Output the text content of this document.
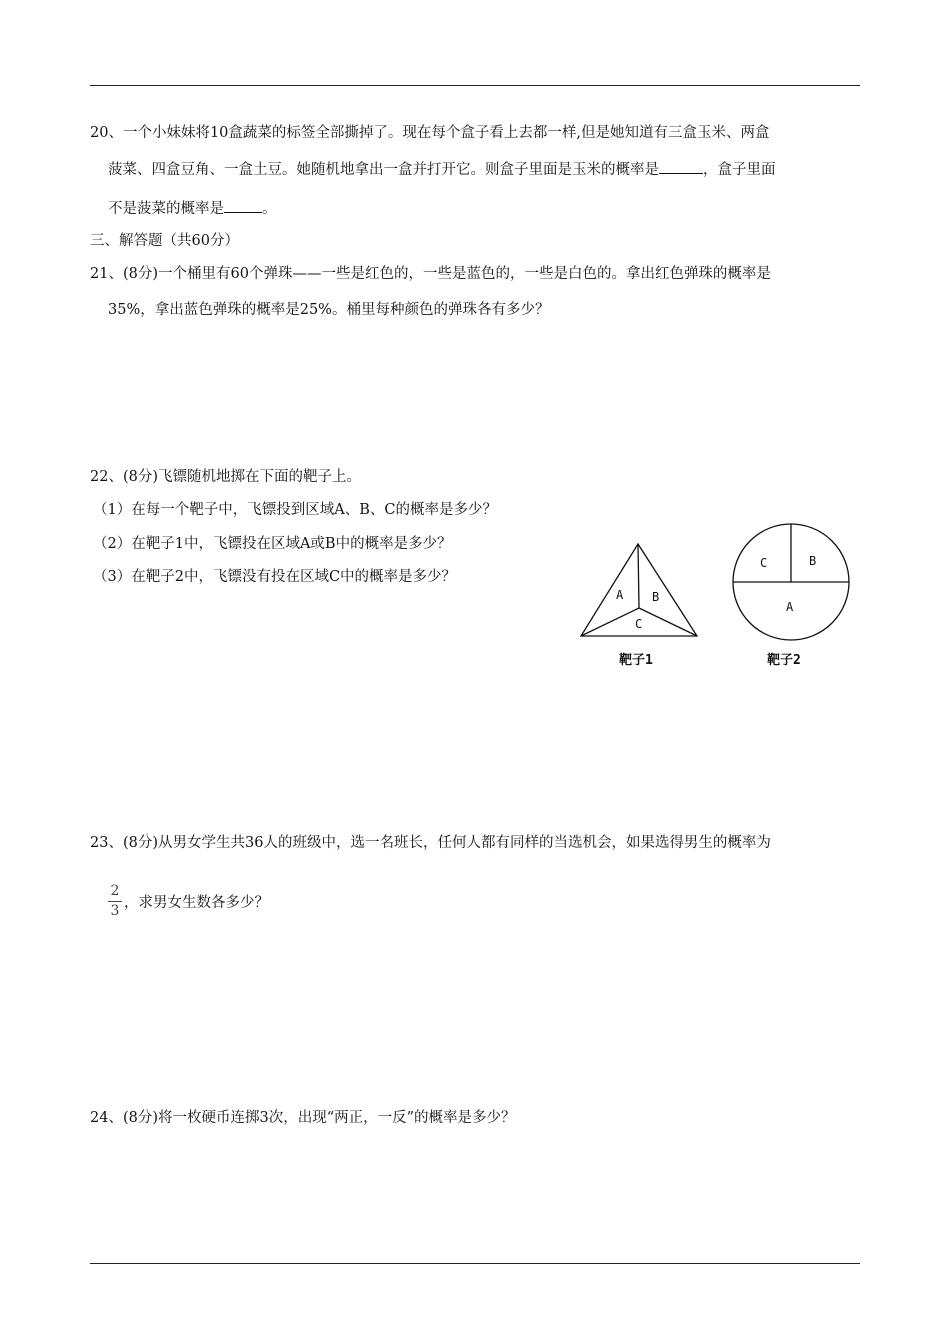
20、一个小妹妹将10盒蔬菜的标签全部撕掉了。现在每个盒子看上去都一样,但是她知道有三盒玉米、两盒
菠菜、四盒豆角、一盒土豆。她随机地拿出一盒并打开它。则盒子里面是玉米的概率是	，盒子里面
不是菠菜的概率是	。
三、解答题（共60分）
21、(8分)一个桶里有60个弹珠——一些是红色的，一些是蓝色的，一些是白色的。拿出红色弹珠的概率是
35%，拿出蓝色弹珠的概率是25%。桶里每种颜色的弹珠各有多少？
22、(8分)飞镖随机地掷在下面的靶子上。
（1）在每一个靶子中，飞镖投到区域A、B、C的概率是多少？
（2）在靶子1中，飞镖投在区域A或B中的概率是多少？
（3）在靶子2中，飞镖没有投在区域C中的概率是多少？
A B
C
靶子1
C	B
A
靶子2
23、(8分)从男女学生共36人的班级中，选一名班长，任何人都有同样的当选机会，如果选得男生的概率为
2
3 ，求男女生数各多少？
24、(8分)将一枚硬币连掷3次，出现“两正，一反”的概率是多少？
